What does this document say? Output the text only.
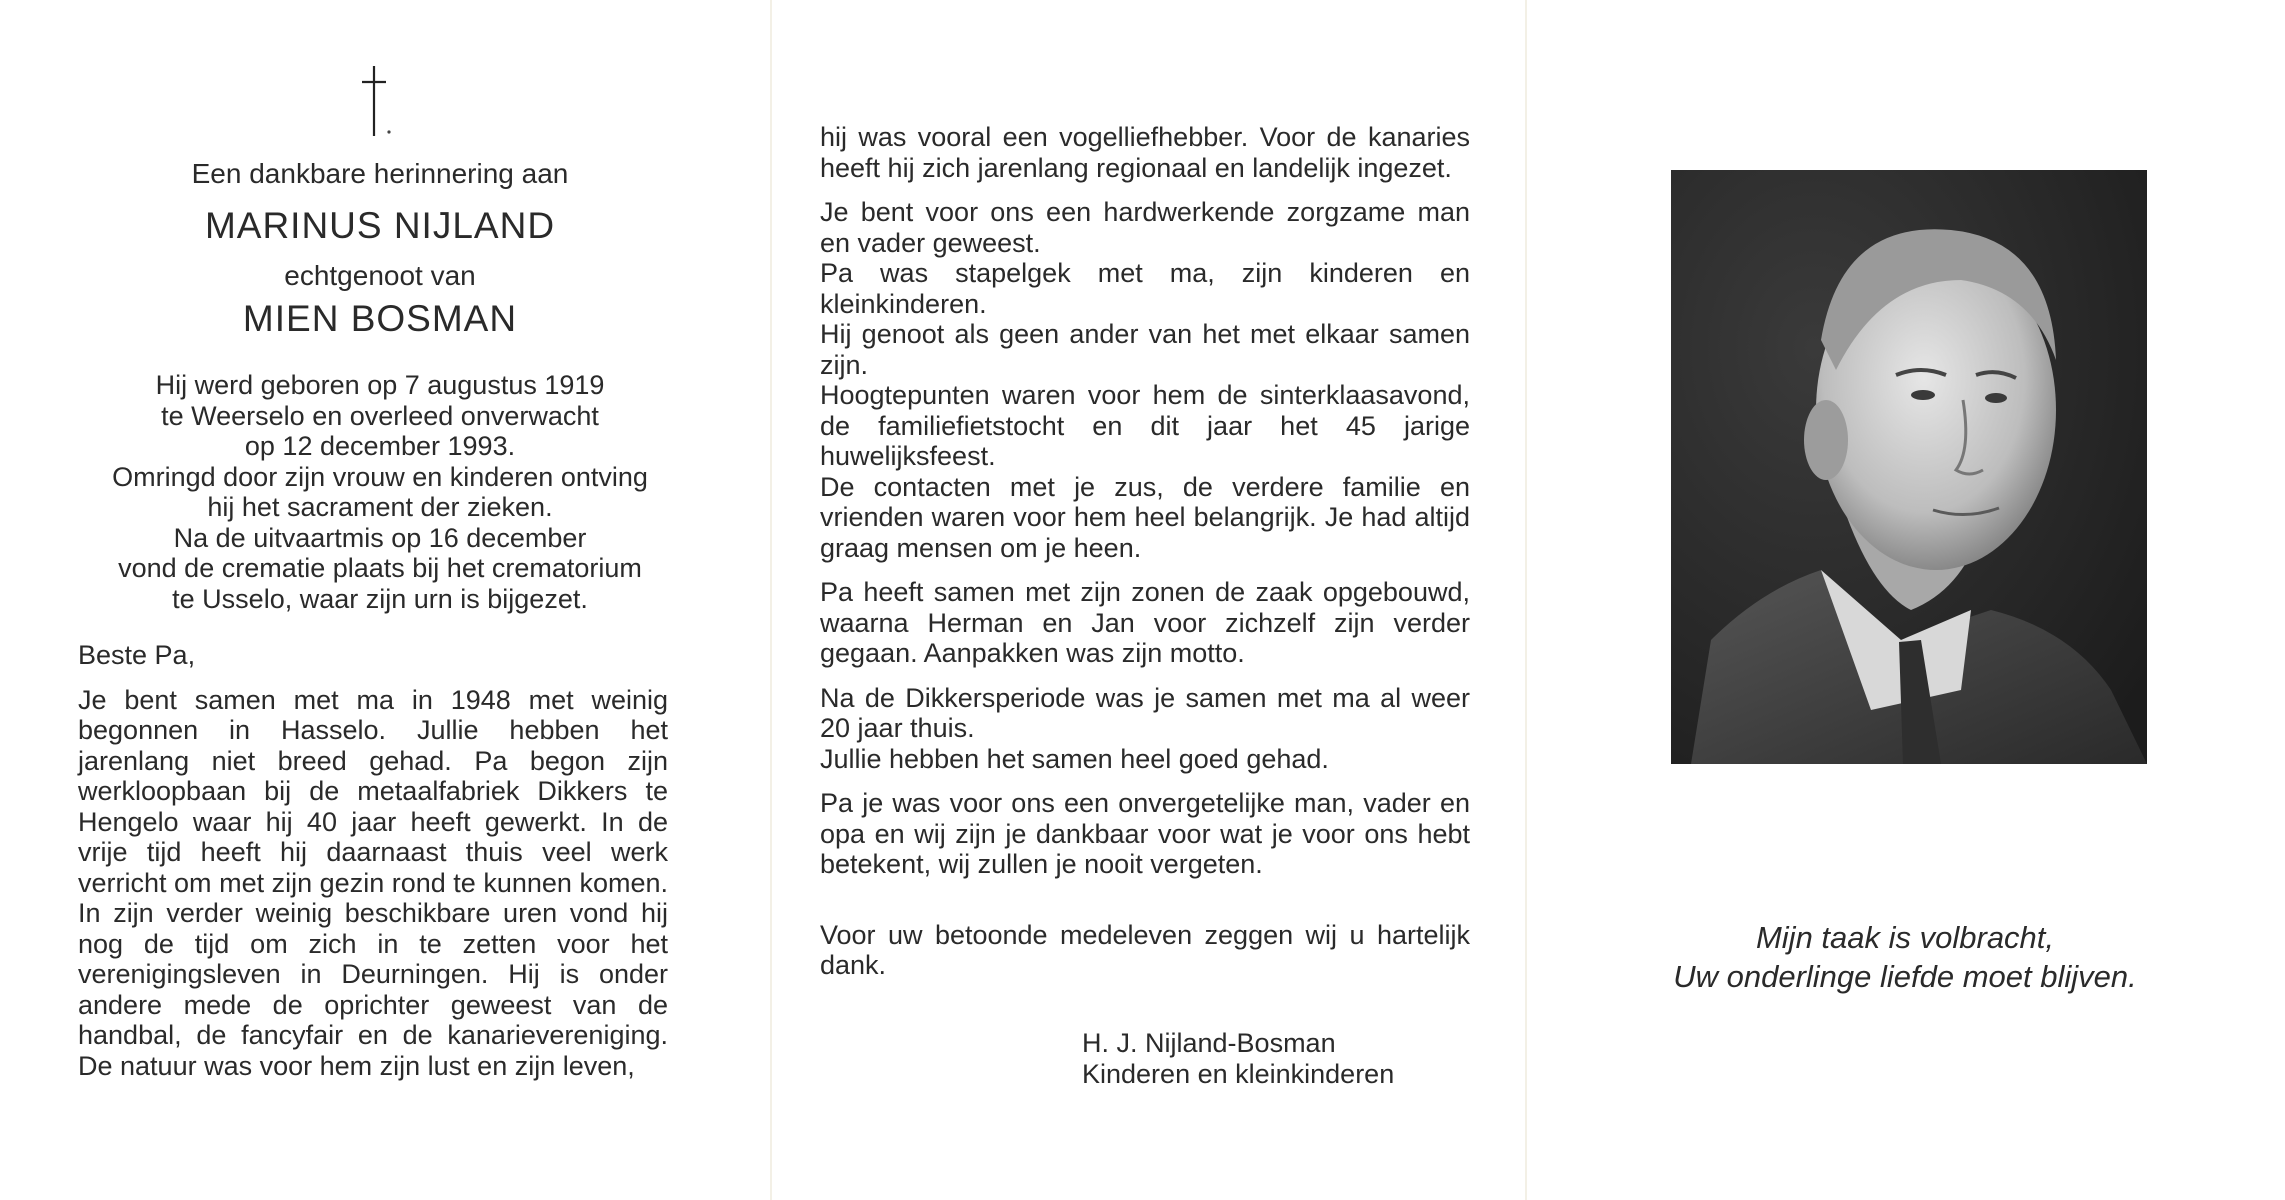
Een dankbare herinnering aan
MARINUS NIJLAND
echtgenoot van
MIEN BOSMAN
Hij werd geboren op 7 augustus 1919
te Weerselo en overleed onverwacht
op 12 december 1993.
Omringd door zijn vrouw en kinderen ontving
hij het sacrament der zieken.
Na de uitvaartmis op 16 december
vond de crematie plaats bij het crematorium
te Usselo, waar zijn urn is bijgezet.

Beste Pa,

Je bent samen met ma in 1948 met weinig begonnen in Hasselo. Jullie hebben het jarenlang niet breed gehad. Pa begon zijn werkloopbaan bij de metaalfabriek Dikkers te Hengelo waar hij 40 jaar heeft gewerkt. In de vrije tijd heeft hij daarnaast thuis veel werk verricht om met zijn gezin rond te kunnen komen. In zijn verder weinig beschikbare uren vond hij nog de tijd om zich in te zetten voor het verenigingsleven in Deurningen. Hij is onder andere mede de oprichter geweest van de handbal, de fancyfair en de kanarievereniging. De natuur was voor hem zijn lust en zijn leven,

hij was vooral een vogelliefhebber. Voor de kanaries heeft hij zich jarenlang regionaal en landelijk ingezet.

Je bent voor ons een hardwerkende zorgzame man en vader geweest.

Pa was stapelgek met ma, zijn kinderen en kleinkinderen.

Hij genoot als geen ander van het met elkaar samen zijn.

Hoogtepunten waren voor hem de sinterklaasavond, de familiefietstocht en dit jaar het 45 jarige huwelijksfeest.

De contacten met je zus, de verdere familie en vrienden waren voor hem heel belangrijk. Je had altijd graag mensen om je heen.

Pa heeft samen met zijn zonen de zaak opgebouwd, waarna Herman en Jan voor zichzelf zijn verder gegaan. Aanpakken was zijn motto.

Na de Dikkersperiode was je samen met ma al weer 20 jaar thuis.

Jullie hebben het samen heel goed gehad.

Pa je was voor ons een onvergetelijke man, vader en opa en wij zijn je dankbaar voor wat je voor ons hebt betekent, wij zullen je nooit vergeten.

Voor uw betoonde medeleven zeggen wij u hartelijk dank.

H. J. Nijland-Bosman
Kinderen en kleinkinderen
Mijn taak is volbracht,
Uw onderlinge liefde moet blijven.
